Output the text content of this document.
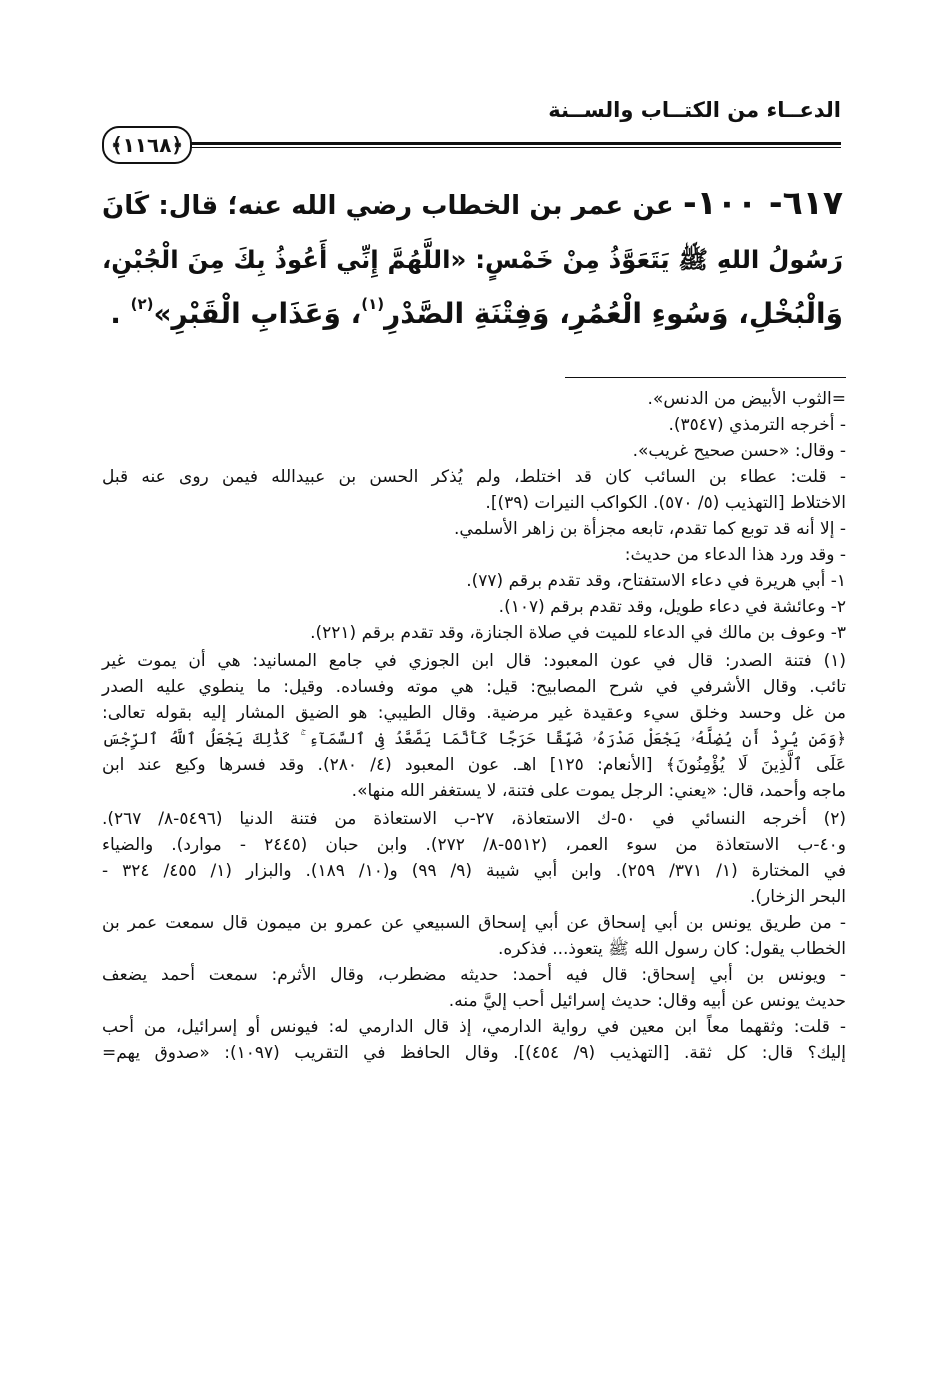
الدعــاء من الكتــاب والســنة
﴿١١٦٨﴾

٦١٧- ١٠٠- عن عمر بن الخطاب رضي الله عنه؛ قال: كَانَ

رَسُولُ اللهِ ﷺ يَتَعَوَّذُ مِنْ خَمْسٍ: «اللَّهُمَّ إِنِّي أَعُوذُ بِكَ مِنَ الْجُبْنِ،

وَالْبُخْلِ، وَسُوءِ الْعُمُرِ، وَفِتْنَةِ الصَّدْرِ$^{(١)}$، وَعَذَابِ الْقَبْرِ»$^{(٢)}$ .

=الثوب الأبيض من الدنس».

- أخرجه الترمذي (٣٥٤٧).

- وقال: «حسن صحيح غريب».

- قلت: عطاء بن السائب كان قد اختلط، ولم يُذكر الحسن بن عبيدالله فيمن روى عنه قبل

الاختلاط [التهذيب (٥/ ٥٧٠). الكواكب النيرات (٣٩)].

- إلا أنه قد توبع كما تقدم، تابعه مجزأة بن زاهر الأسلمي.

- وقد ورد هذا الدعاء من حديث:

١- أبي هريرة في دعاء الاستفتاح، وقد تقدم برقم (٧٧).

٢- وعائشة في دعاء طويل، وقد تقدم برقم (١٠٧).

٣- وعوف بن مالك في الدعاء للميت في صلاة الجنازة، وقد تقدم برقم (٢٢١).

(١) فتنة الصدر: قال في عون المعبود: قال ابن الجوزي في جامع المسانيد: هي أن يموت غير

تائب. وقال الأشرفي في شرح المصابيح: قيل: هي موته وفساده. وقيل: ما ينطوي عليه الصدر

من غل وحسد وخلق سيء وعقيدة غير مرضية. وقال الطيبي: هو الضيق المشار إليه بقوله تعالى:

﴿وَمَن يُرِدْ أَن يُضِلَّهُۥ يَجْعَلْ صَدْرَهُۥ ضَيِّقًا حَرَجًا كَأَنَّمَا يَصَّعَّدُ فِى ٱلسَّمَآءِ ۚ كَذَٰلِكَ يَجْعَلُ ٱللَّهُ ٱلرِّجْسَ

عَلَى ٱلَّذِينَ لَا يُؤْمِنُونَ﴾ [الأنعام: ١٢٥] اهـ. عون المعبود (٤/ ٢٨٠). وقد فسرها وكيع عند ابن

ماجه وأحمد، قال: «يعني: الرجل يموت على فتنة، لا يستغفر الله منها».

(٢) أخرجه النسائي في ٥٠-ك الاستعاذة، ٢٧-ب الاستعاذة من فتنة الدنيا (٥٤٩٦-٨/ ٢٦٧).

و٤٠-ب الاستعاذة من سوء العمر، (٥٥١٢-٨/ ٢٧٢). وابن حبان (٢٤٤٥ - موارد). والضياء

في المختارة (١/ ٣٧١/ ٢٥٩). وابن أبي شيبة (٩/ ٩٩) و(١٠/ ١٨٩). والبزار (١/ ٤٥٥/ ٣٢٤ -

البحر الزخار).

- من طريق يونس بن أبي إسحاق عن أبي إسحاق السبيعي عن عمرو بن ميمون قال سمعت عمر بن

الخطاب يقول: كان رسول الله ﷺ يتعوذ... فذكره.

- ويونس بن أبي إسحاق: قال فيه أحمد: حديثه مضطرب، وقال الأثرم: سمعت أحمد يضعف

حديث يونس عن أبيه وقال: حديث إسرائيل أحب إليَّ منه.

- قلت: وثقهما معاً ابن معين في رواية الدارمي، إذ قال الدارمي له: فيونس أو إسرائيل، من أحب

إليك؟ قال: كل ثقة. [التهذيب (٩/ ٤٥٤)]. وقال الحافظ في التقريب (١٠٩٧): «صدوق يهم=
